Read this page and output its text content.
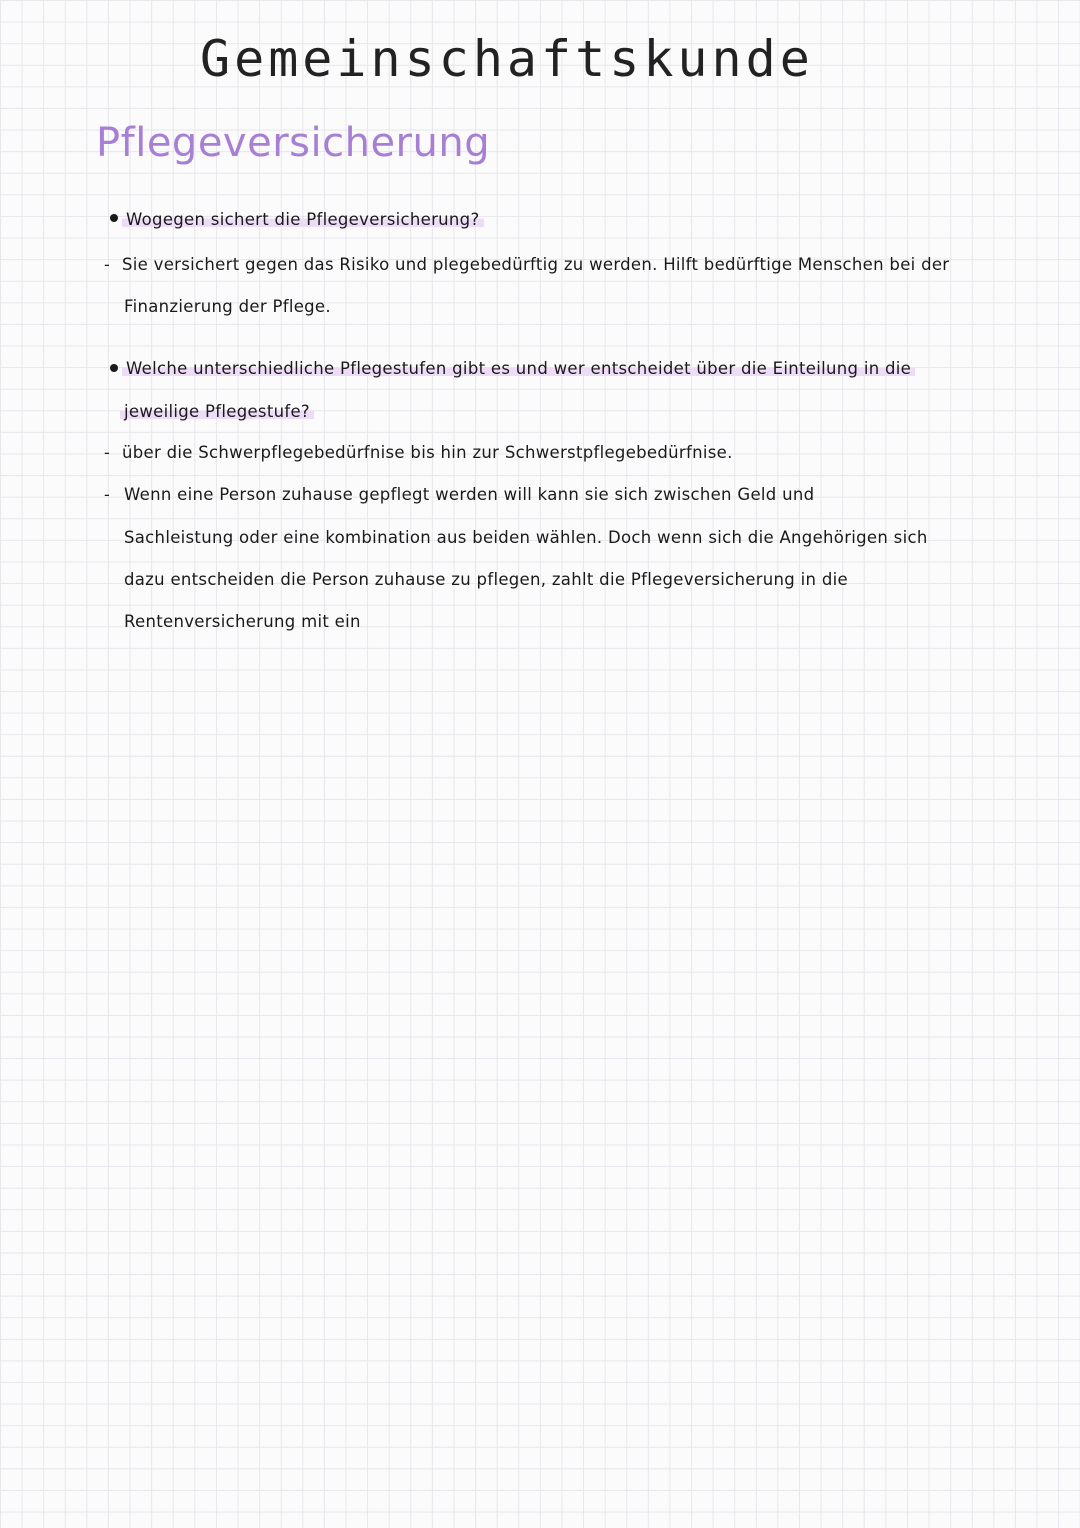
Gemeinschaftskunde
Pflegeversicherung
Wogegen sichert die Pflegeversicherung?
- Sie versichert gegen das Risiko und plegebedürftig zu werden. Hilft bedürftige Menschen bei der
Finanzierung der Pflege.
Welche unterschiedliche Pflegestufen gibt es und wer entscheidet über die Einteilung in die
jeweilige Pflegestufe?
- über die Schwerpflegebedürfnise bis hin zur Schwerstpflegebedürfnise.
- Wenn eine Person zuhause gepflegt werden will kann sie sich zwischen Geld und
Sachleistung oder eine kombination aus beiden wählen. Doch wenn sich die Angehörigen sich
dazu entscheiden die Person zuhause zu pflegen, zahlt die Pflegeversicherung in die
Rentenversicherung mit ein
